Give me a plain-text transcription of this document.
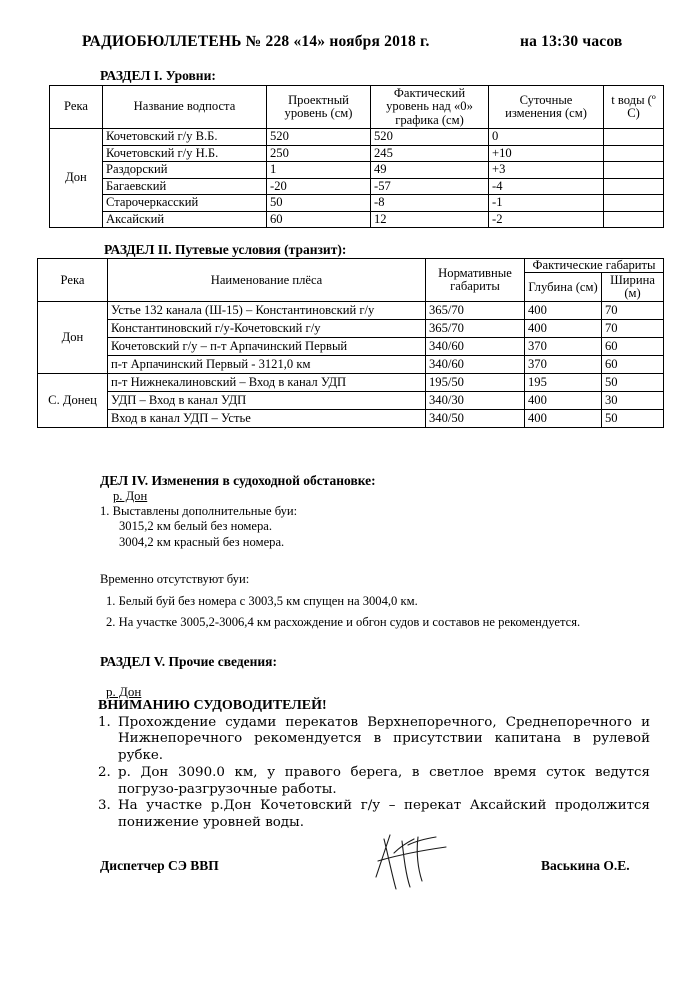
РАДИОБЮЛЛЕТЕНЬ № 228 «14» ноября 2018 г.	на 13:30 часов
РАЗДЕЛ I. Уровни:
Река	Название водпоста	Проектный уровень (см)	Фактический уровень над «0» графика (см)	Суточные изменения (см)	t воды (º С)
Дон	Кочетовский г/у В.Б.	520	520	0	
	Кочетовский г/у Н.Б.	250	245	+10	
	Раздорский	1	49	+3	
	Багаевский	-20	-57	-4	
	Старочеркасский	50	-8	-1	
	Аксайский	60	12	-2	
РАЗДЕЛ II. Путевые условия (транзит):
Река	Наименование плёса	Нормативные габариты	Фактические габариты	
			Глубина (см)	Ширина (м)
Дон	Устье 132 канала (Ш-15) – Константиновский г/у	365/70	400	70
	Константиновский г/у-Кочетовский г/у	365/70	400	70
	Кочетовский г/у – п-т Арпачинский Первый	340/60	370	60
	п-т Арпачинский Первый - 3121,0 км	340/60	370	60
С. Донец	п-т Нижнекалиновский – Вход в канал УДП	195/50	195	50
	УДП – Вход в канал УДП	340/30	400	30
	Вход в канал УДП – Устье	340/50	400	50
ДЕЛ IV. Изменения в судоходной обстановке:
р. Дон
1. Выставлены дополнительные буи:
3015,2 км белый без номера.
3004,2 км красный без номера.
Временно отсутствуют буи:
1. Белый буй без номера с 3003,5 км спущен на 3004,0 км.
2. На участке 3005,2-3006,4 км расхождение и обгон судов и составов не рекомендуется.
РАЗДЕЛ V. Прочие сведения:
р. Дон
ВНИМАНИЮ СУДОВОДИТЕЛЕЙ!
1. Прохождение судами перекатов Верхнепоречного, Среднепоречного и Нижнепоречного рекомендуется в присутствии капитана в рулевой рубке.
2. р. Дон 3090.0 км, у правого берега, в светлое время суток ведутся погрузо-разгрузочные работы.
3. На участке р.Дон Кочетовский г/у – перекат Аксайский продолжится понижение уровней воды.
Диспетчер СЭ ВВП	Васькина О.Е.
